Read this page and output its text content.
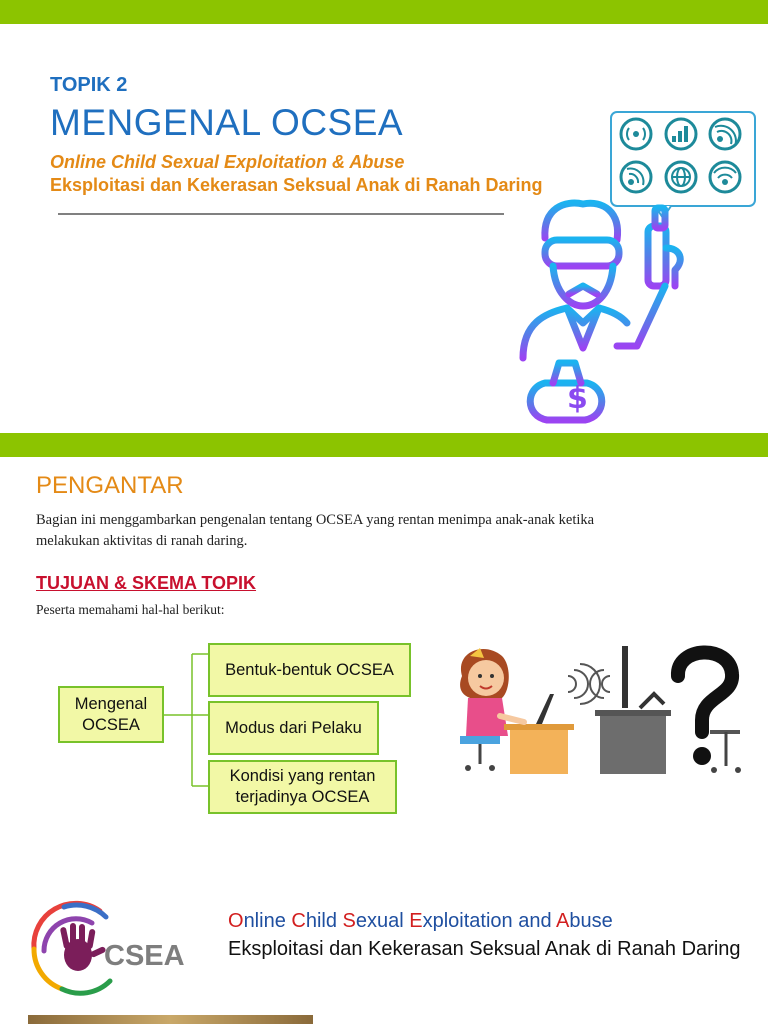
TOPIK 2
MENGENAL OCSEA
Online Child Sexual Exploitation & Abuse
Eksploitasi dan Kekerasan Seksual Anak di Ranah Daring
$
PENGANTAR
Bagian ini menggambarkan pengenalan tentang OCSEA yang rentan menimpa anak-anak ketika melakukan aktivitas di ranah daring.
TUJUAN & SKEMA TOPIK
Peserta memahami hal-hal berikut:
Mengenal OCSEA
Bentuk-bentuk OCSEA
Modus dari Pelaku
Kondisi yang rentan terjadinya OCSEA
CSEA
Online Child Sexual Exploitation and Abuse
Eksploitasi dan Kekerasan Seksual Anak di Ranah Daring
